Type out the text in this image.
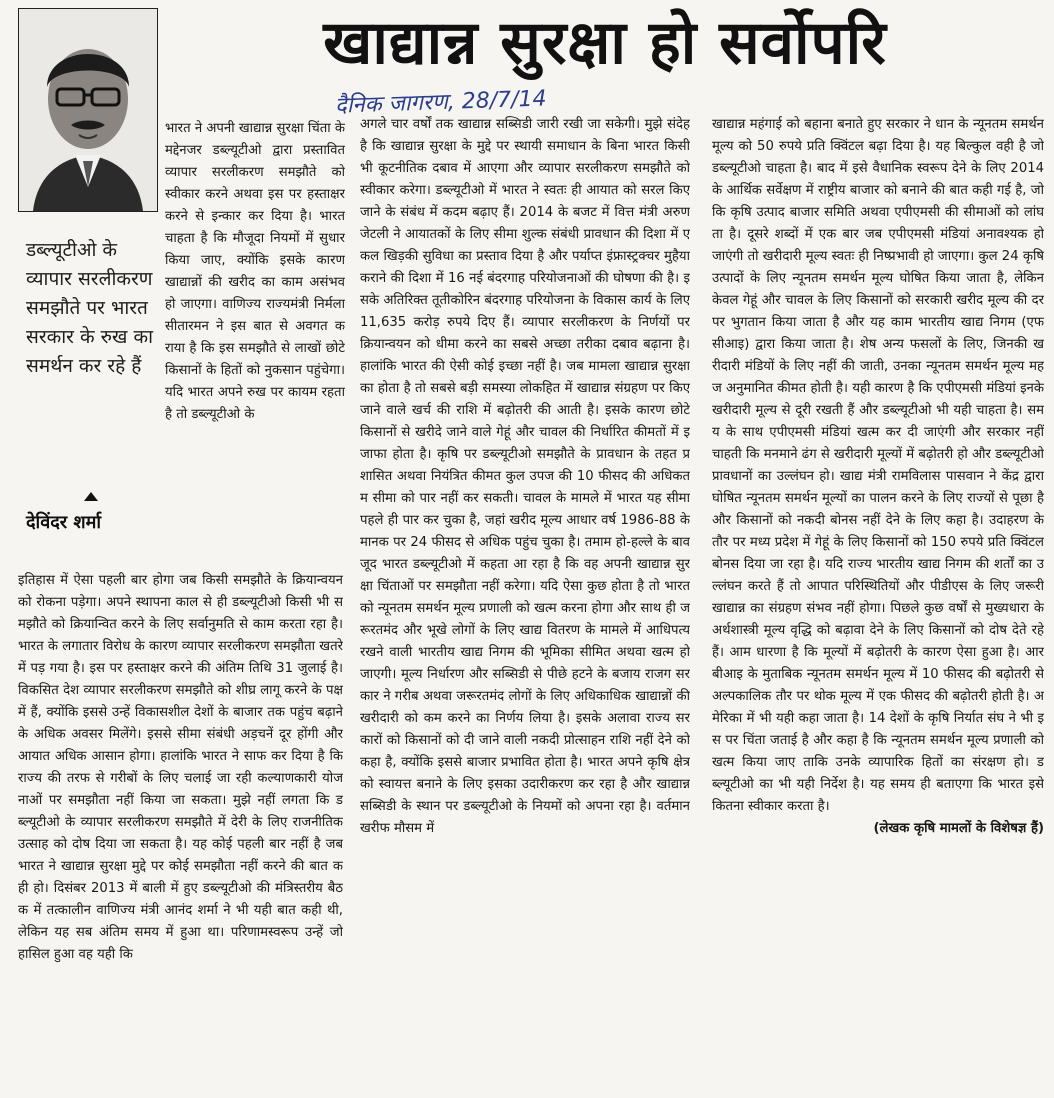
खाद्यान्न सुरक्षा हो सर्वोपरि
दैनिक जागरण, 28/7/14
डब्ल्यूटीओ के व्यापार सरलीकरण समझौते पर भारत सरकार के रुख का समर्थन कर रहे हैं
देविंदर शर्मा
भारत ने अपनी खाद्यान्न सुरक्षा चिंता के मद्देनजर डब्ल्यूटीओ द्वारा प्रस्तावित व्यापार सरलीकरण समझौते को स्वीकार करने अथवा इस पर हस्ताक्षर करने से इन्कार कर दिया है। भारत चाहता है कि मौजूदा नियमों में सुधार किया जाए, क्योंकि इसके कारण खाद्यान्नों की खरीद का काम असंभव हो जाएगा। वाणिज्य राज्यमंत्री निर्मला सीतारमन ने इस बात से अवगत कराया है कि इस समझौते से लाखों छोटे किसानों के हितों को नुकसान पहुंचेगा। यदि भारत अपने रुख पर कायम रहता है तो डब्ल्यूटीओ के
इतिहास में ऐसा पहली बार होगा जब किसी समझौते के क्रियान्वयन को रोकना पड़ेगा। अपने स्थापना काल से ही डब्ल्यूटीओ किसी भी समझौते को क्रियान्वित करने के लिए सर्वानुमति से काम करता रहा है। भारत के लगातार विरोध के कारण व्यापार सरलीकरण समझौता खतरे में पड़ गया है। इस पर हस्ताक्षर करने की अंतिम तिथि 31 जुलाई है। विकसित देश व्यापार सरलीकरण समझौते को शीघ्र लागू करने के पक्ष में हैं, क्योंकि इससे उन्हें विकासशील देशों के बाजार तक पहुंच बढ़ाने के अधिक अवसर मिलेंगे। इससे सीमा संबंधी अड़चनें दूर होंगी और आयात अधिक आसान होगा। हालांकि भारत ने साफ कर दिया है कि राज्य की तरफ से गरीबों के लिए चलाई जा रही कल्याणकारी योजनाओं पर समझौता नहीं किया जा सकता। मुझे नहीं लगता कि डब्ल्यूटीओ के व्यापार सरलीकरण समझौते में देरी के लिए राजनीतिक उत्साह को दोष दिया जा सकता है। यह कोई पहली बार नहीं है जब भारत ने खाद्यान्न सुरक्षा मुद्दे पर कोई समझौता नहीं करने की बात कही हो। दिसंबर 2013 में बाली में हुए डब्ल्यूटीओ की मंत्रिस्तरीय बैठक में तत्कालीन वाणिज्य मंत्री आनंद शर्मा ने भी यही बात कही थी, लेकिन यह सब अंतिम समय में हुआ था। परिणामस्वरूप उन्हें जो हासिल हुआ वह यही कि
अगले चार वर्षों तक खाद्यान्न सब्सिडी जारी रखी जा सकेगी। मुझे संदेह है कि खाद्यान्न सुरक्षा के मुद्दे पर स्थायी समाधान के बिना भारत किसी भी कूटनीतिक दबाव में आएगा और व्यापार सरलीकरण समझौते को स्वीकार करेगा। डब्ल्यूटीओ में भारत ने स्वतः ही आयात को सरल किए जाने के संबंध में कदम बढ़ाए हैं। 2014 के बजट में वित्त मंत्री अरुण जेटली ने आयातकों के लिए सीमा शुल्क संबंधी प्रावधान की दिशा में एकल खिड़की सुविधा का प्रस्ताव दिया है और पर्याप्त इंफ्रास्ट्रक्चर मुहैया कराने की दिशा में 16 नई बंदरगाह परियोजनाओं की घोषणा की है। इसके अतिरिक्त तूतीकोरिन बंदरगाह परियोजना के विकास कार्य के लिए 11,635 करोड़ रुपये दिए हैं। व्यापार सरलीकरण के निर्णयों पर क्रियान्वयन को धीमा करने का सबसे अच्छा तरीका दबाव बढ़ाना है। हालांकि भारत की ऐसी कोई इच्छा नहीं है। जब मामला खाद्यान्न सुरक्षा का होता है तो सबसे बड़ी समस्या लोकहित में खाद्यान्न संग्रहण पर किए जाने वाले खर्च की राशि में बढ़ोतरी की आती है। इसके कारण छोटे किसानों से खरीदे जाने वाले गेहूं और चावल की निर्धारित कीमतों में इजाफा होता है। कृषि पर डब्ल्यूटीओ समझौते के प्रावधान के तहत प्रशासित अथवा नियंत्रित कीमत कुल उपज की 10 फीसद की अधिकतम सीमा को पार नहीं कर सकती। चावल के मामले में भारत यह सीमा पहले ही पार कर चुका है, जहां खरीद मूल्य आधार वर्ष 1986-88 के मानक पर 24 फीसद से अधिक पहुंच चुका है। तमाम हो-हल्ले के बावजूद भारत डब्ल्यूटीओ में कहता आ रहा है कि वह अपनी खाद्यान्न सुरक्षा चिंताओं पर समझौता नहीं करेगा। यदि ऐसा कुछ होता है तो भारत को न्यूनतम समर्थन मूल्य प्रणाली को खत्म करना होगा और साथ ही जरूरतमंद और भूखे लोगों के लिए खाद्य वितरण के मामले में आधिपत्य रखने वाली भारतीय खाद्य निगम की भूमिका सीमित अथवा खत्म हो जाएगी। मूल्य निर्धारण और सब्सिडी से पीछे हटने के बजाय राजग सरकार ने गरीब अथवा जरूरतमंद लोगों के लिए अधिकाधिक खाद्यान्नों की खरीदारी को कम करने का निर्णय लिया है। इसके अलावा राज्य सरकारों को किसानों को दी जाने वाली नकदी प्रोत्साहन राशि नहीं देने को कहा है, क्योंकि इससे बाजार प्रभावित होता है। भारत अपने कृषि क्षेत्र को स्वायत्त बनाने के लिए इसका उदारीकरण कर रहा है और खाद्यान्न सब्सिडी के स्थान पर डब्ल्यूटीओ के नियमों को अपना रहा है। वर्तमान खरीफ मौसम में
खाद्यान्न महंगाई को बहाना बनाते हुए सरकार ने धान के न्यूनतम समर्थन मूल्य को 50 रुपये प्रति क्विंटल बढ़ा दिया है। यह बिल्कुल वही है जो डब्ल्यूटीओ चाहता है। बाद में इसे वैधानिक स्वरूप देने के लिए 2014 के आर्थिक सर्वेक्षण में राष्ट्रीय बाजार को बनाने की बात कही गई है, जो कि कृषि उत्पाद बाजार समिति अथवा एपीएमसी की सीमाओं को लांघता है। दूसरे शब्दों में एक बार जब एपीएमसी मंडियां अनावश्यक हो जाएंगी तो खरीदारी मूल्य स्वतः ही निष्प्रभावी हो जाएगा। कुल 24 कृषि उत्पादों के लिए न्यूनतम समर्थन मूल्य घोषित किया जाता है, लेकिन केवल गेहूं और चावल के लिए किसानों को सरकारी खरीद मूल्य की दर पर भुगतान किया जाता है और यह काम भारतीय खाद्य निगम (एफसीआइ) द्वारा किया जाता है। शेष अन्य फसलों के लिए, जिनकी खरीदारी मंडियों के लिए नहीं की जाती, उनका न्यूनतम समर्थन मूल्य महज अनुमानित कीमत होती है। यही कारण है कि एपीएमसी मंडियां इनके खरीदारी मूल्य से दूरी रखती हैं और डब्ल्यूटीओ भी यही चाहता है। समय के साथ एपीएमसी मंडियां खत्म कर दी जाएंगी और सरकार नहीं चाहती कि मनमाने ढंग से खरीदारी मूल्यों में बढ़ोतरी हो और डब्ल्यूटीओ प्रावधानों का उल्लंघन हो। खाद्य मंत्री रामविलास पासवान ने केंद्र द्वारा घोषित न्यूनतम समर्थन मूल्यों का पालन करने के लिए राज्यों से पूछा है और किसानों को नकदी बोनस नहीं देने के लिए कहा है। उदाहरण के तौर पर मध्य प्रदेश में गेहूं के लिए किसानों को 150 रुपये प्रति क्विंटल बोनस दिया जा रहा है। यदि राज्य भारतीय खाद्य निगम की शर्तों का उल्लंघन करते हैं तो आपात परिस्थितियों और पीडीएस के लिए जरूरी खाद्यान्न का संग्रहण संभव नहीं होगा। पिछले कुछ वर्षों से मुख्यधारा के अर्थशास्त्री मूल्य वृद्धि को बढ़ावा देने के लिए किसानों को दोष देते रहे हैं। आम धारणा है कि मूल्यों में बढ़ोतरी के कारण ऐसा हुआ है। आरबीआइ के मुताबिक न्यूनतम समर्थन मूल्य में 10 फीसद की बढ़ोतरी से अल्पकालिक तौर पर थोक मूल्य में एक फीसद की बढ़ोतरी होती है। अमेरिका में भी यही कहा जाता है। 14 देशों के कृषि निर्यात संघ ने भी इस पर चिंता जताई है और कहा है कि न्यूनतम समर्थन मूल्य प्रणाली को खत्म किया जाए ताकि उनके व्यापारिक हितों का संरक्षण हो। डब्ल्यूटीओ का भी यही निर्देश है। यह समय ही बताएगा कि भारत इसे कितना स्वीकार करता है।
(लेखक कृषि मामलों के विशेषज्ञ हैं)
